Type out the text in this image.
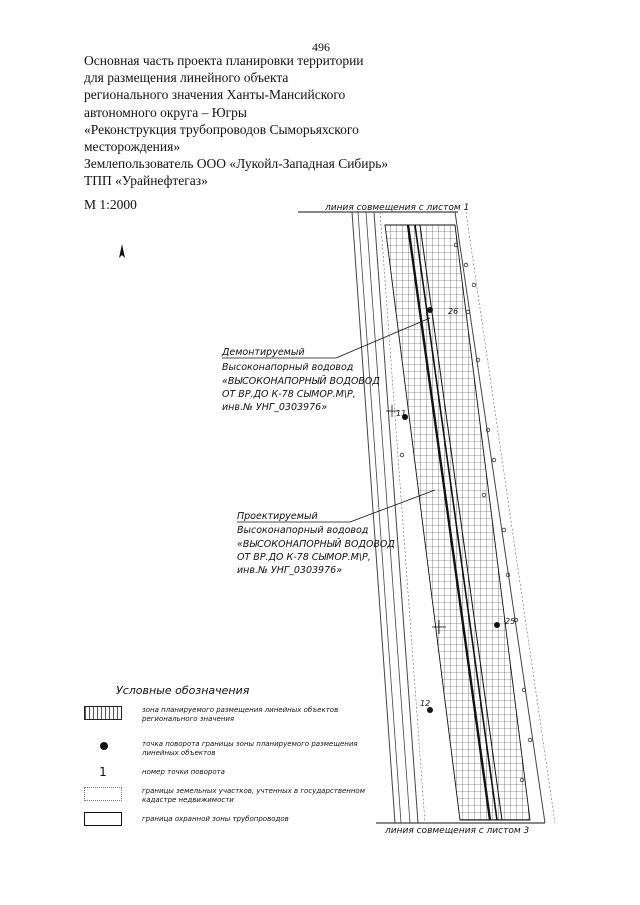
496
Основная часть проекта планировки территории
для размещения линейного объекта
регионального значения Ханты-Мансийского
автономного округа – Югры
«Реконструкция трубопроводов Сыморьяхского
месторождения»
Землепользователь ООО «Лукойл-Западная Сибирь»
ТПП «Урайнефтегаз»
М 1:2000	линия совмещения с листом 1
линия совмещения с листом 3
26
11
25
12
Демонтируемый
Высоконапорный водовод
«ВЫСОКОНАПОРНЫЙ ВОДОВОД
ОТ ВР.ДО К-78 СЫМОР.М\Р,
инв.№ УНГ_0303976»
Проектируемый
Высоконапорный водовод
«ВЫСОКОНАПОРНЫЙ ВОДОВОД
ОТ ВР.ДО К-78 СЫМОР.М\Р,
инв.№ УНГ_0303976»
Условные обозначения
зона планируемого размещения линейных объектов регионального значения
точка поворота границы зоны планируемого размещения линейных объектов
1	номер точки поворота
границы земельных участков, учтенных в государственном кадастре недвижимости
граница охранной зоны трубопроводов
